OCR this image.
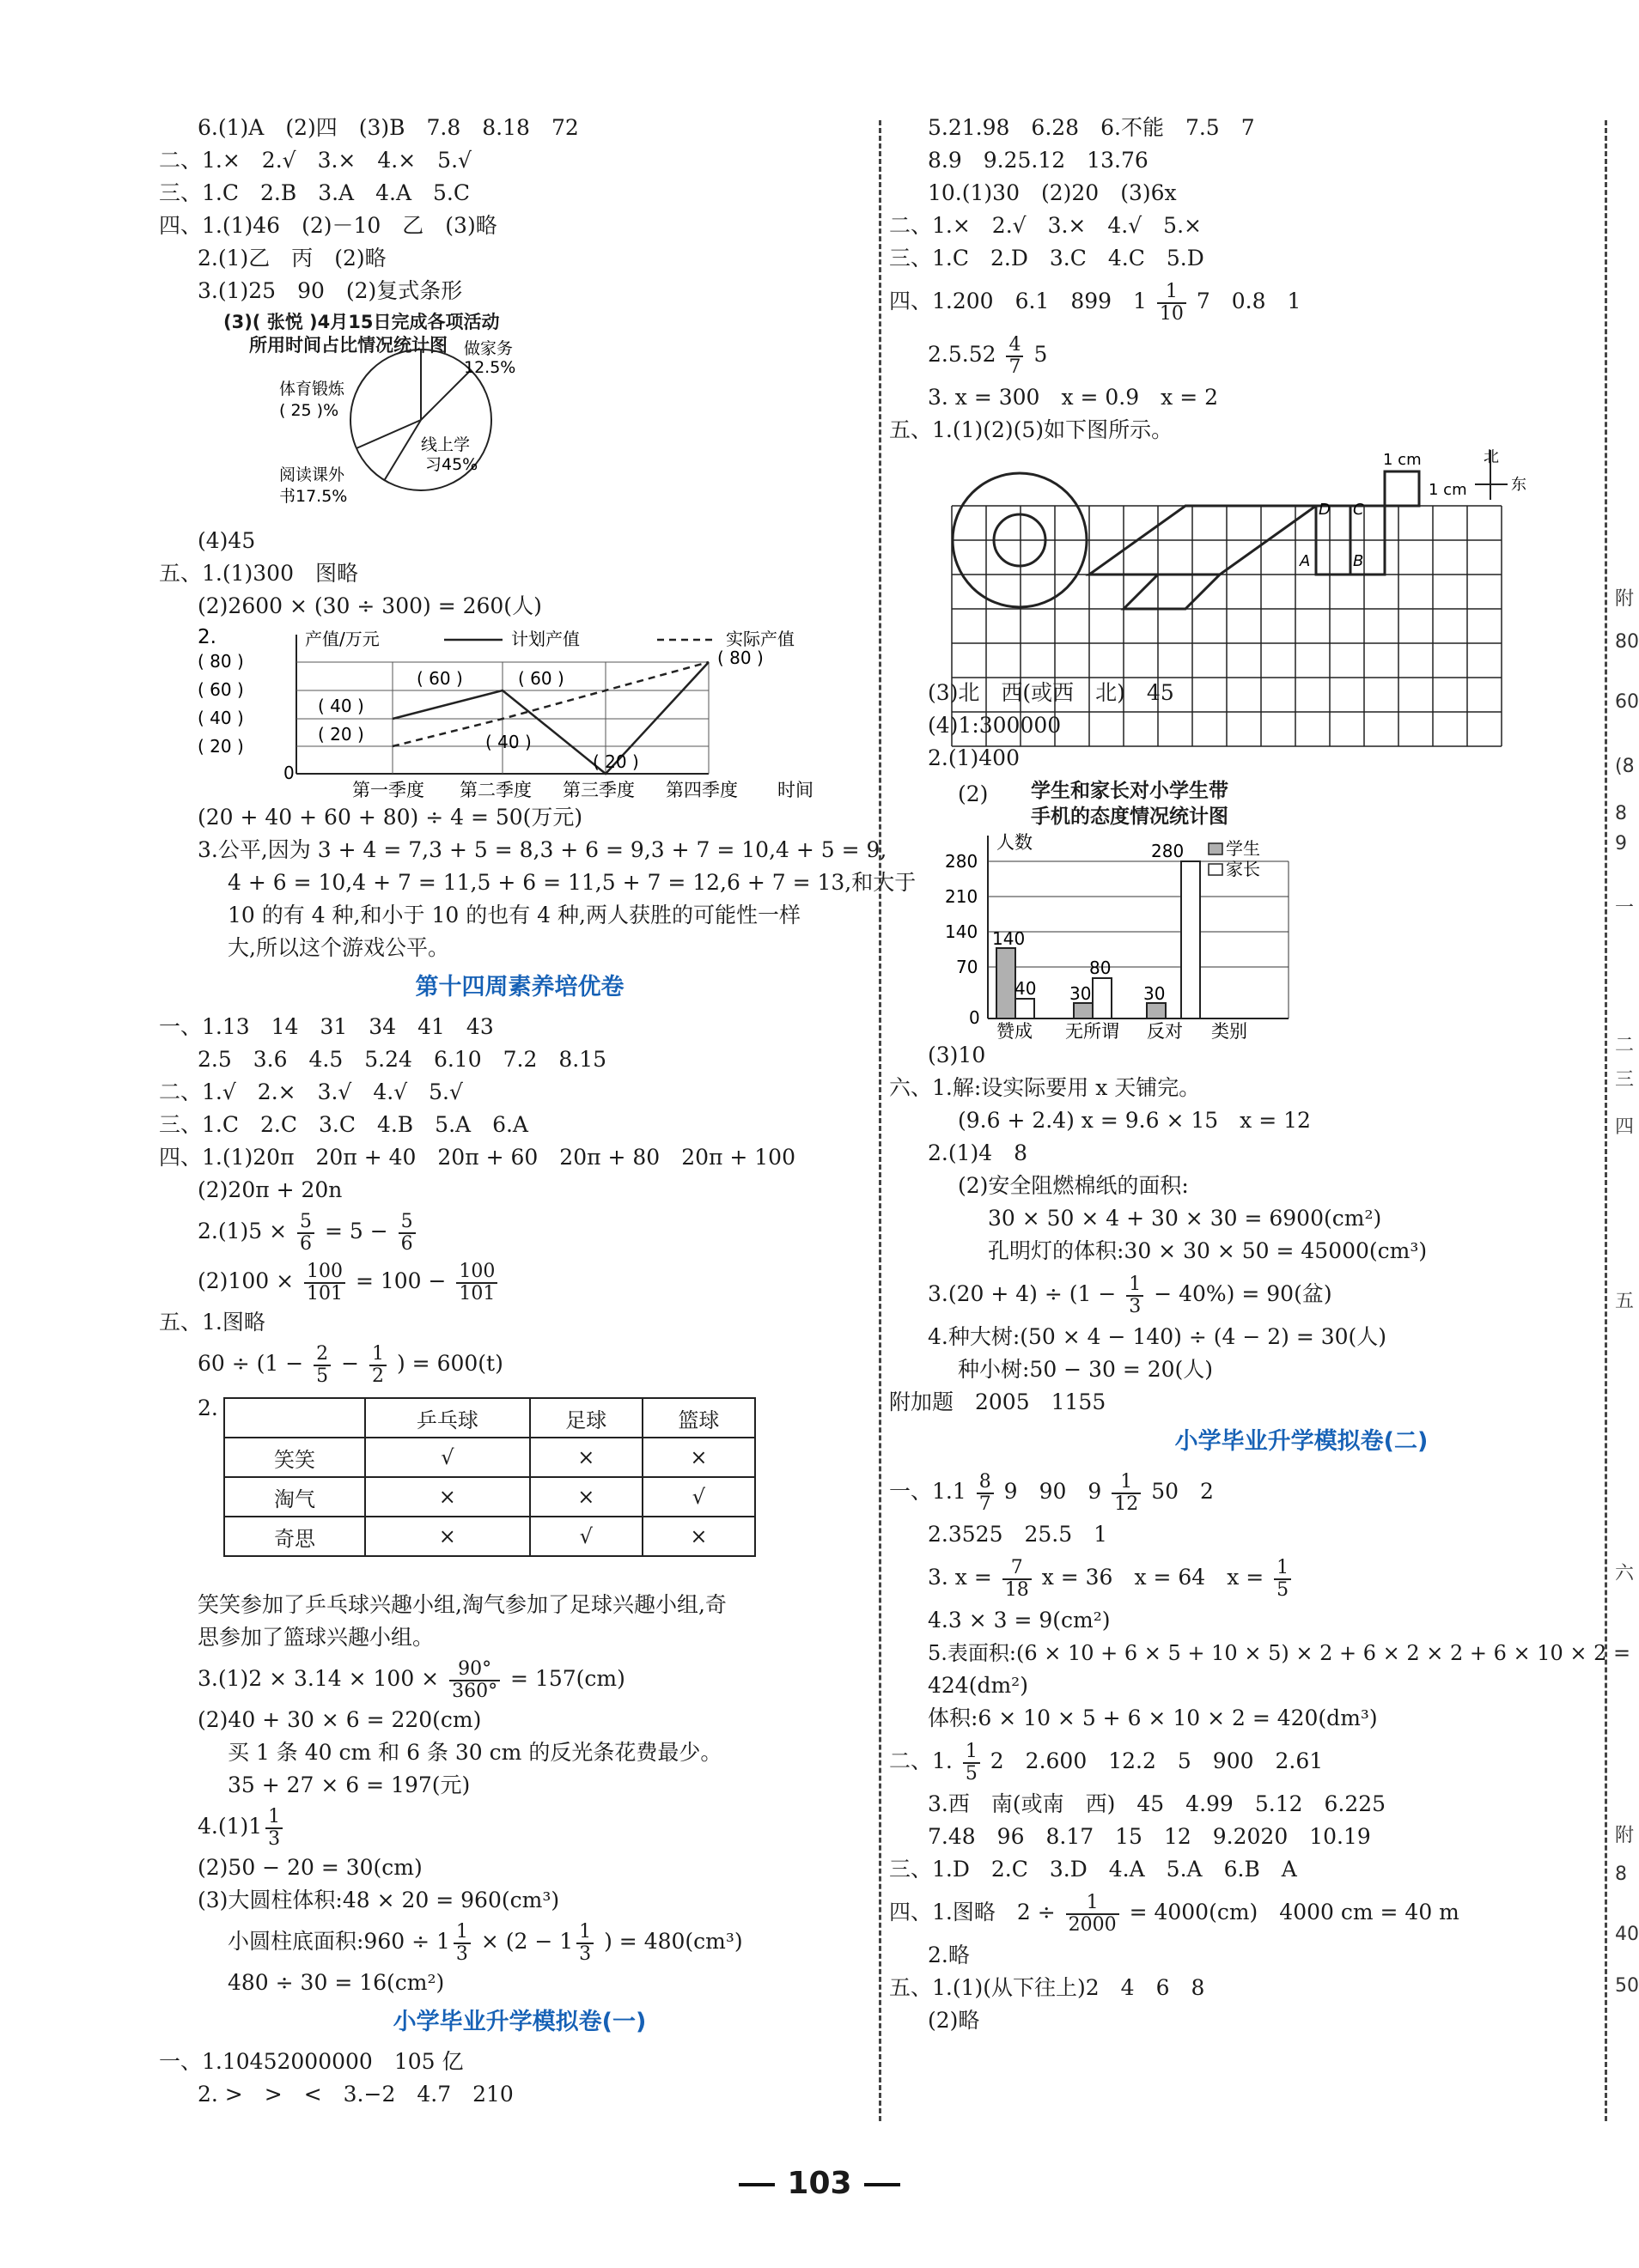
6.(1)A　(2)四　(3)B　7.8　8.18　72

二、1.×　2.√　3.×　4.×　5.√

三、1.C　2.B　3.A　4.A　5.C

四、1.(1)46　(2)－10　乙　(3)略

2.(1)乙　丙　(2)略

3.(1)25　90　(2)复式条形

(3)( 张悦 )4月15日完成各项活动
所用时间占比情况统计图	做家务
12.5%
体育锻炼
( 25 )%
线上学
习45%
阅读课外
书17.5%

(4)45

五、1.(1)300　图略

(2)2600 × (30 ÷ 300) = 260(人)

2.	产值/万元	计划产值	实际产值
( 80 )
( 60 )
( 40 )
( 20 )
0
( 40 )
( 20 )
( 60 )	( 60 )
( 80 )
( 40 )
( 20 )
第一季度 第二季度 第三季度 第四季度 时间

(20 + 40 + 60 + 80) ÷ 4 = 50(万元)

3.公平,因为 3 + 4 = 7,3 + 5 = 8,3 + 6 = 9,3 + 7 = 10,4 + 5 = 9,

4 + 6 = 10,4 + 7 = 11,5 + 6 = 11,5 + 7 = 12,6 + 7 = 13,和大于

10 的有 4 种,和小于 10 的也有 4 种,两人获胜的可能性一样

大,所以这个游戏公平。

第十四周素养培优卷

一、1.13　14　31　34　41　43

2.5　3.6　4.5　5.24　6.10　7.2　8.15

二、1.√　2.×　3.√　4.√　5.√

三、1.C　2.C　3.C　4.B　5.A　6.A

四、1.(1)20π　20π + 40　20π + 60　20π + 80　20π + 100

(2)20π + 20n

$2.(1)5 \times \frac{5}{6} = 5 - \frac{5}{6}$

$(2)100 \times \frac{100}{101} = 100 - \frac{100}{101}$

五、1.图略

$60 \div (1 - \frac{2}{5} - \frac{1}{2}$ ) = 600(t)

2.
		乒乓球	足球	篮球
笑笑	√	×	×
淘气	×	×	√
奇思	×	√	×

笑笑参加了乒乓球兴趣小组,淘气参加了足球兴趣小组,奇

思参加了篮球兴趣小组。

$3.(1)2 \times 3.14 \times 100 \times \frac{90^\circ}{360^\circ} = 157(cm)$

(2)40 + 30 × 6 = 220(cm)

买 1 条 40 cm 和 6 条 30 cm 的反光条花费最少。

35 + 27 × 6 = 197(元)

$4.(1)1 \frac{1}{3}$

(2)50 − 20 = 30(cm)

(3)大圆柱体积:48 × 20 = 960(cm³)

小圆柱底面积:960 ÷ $1 \frac{1}{3} \times (2 - 1 \frac{1}{3}$ ) = 480(cm³)

480 ÷ 30 = 16(cm²)

小学毕业升学模拟卷(一)

一、1.10452000000　105 亿

2. >　>　<　3.−2　4.7　210

5.21.98　6.28　6.不能　7.5　7

8.9　9.25.12　13.76

10.(1)30　(2)20　(3)6x

二、1.×　2.√　3.×　4.√　5.×

三、1.C　2.D　3.C　4.C　5.D

四、1.200　6.1　899　$1 \frac{1}{10} 7$　0.8　1

$2.5.52 \frac{4}{7} 5$

3. x = 300　x = 0.9　x = 2

五、1.(1)(2)(5)如下图所示。

D C
A	B
1 cm
1 cm
北
东

(3)北　西(或西　北)　45

(4)1:300000

2.(1)400

(2) 学生和家长对小学生带
手机的态度情况统计图
人数
280
210
140
70
0
140
40 30
80
30
280 学生
家长
赞成 无所谓 反对 类别

(3)10

六、1.解:设实际要用 x 天铺完。

(9.6 + 2.4) x = 9.6 × 15　x = 12

2.(1)4　8

(2)安全阻燃棉纸的面积:

30 × 50 × 4 + 30 × 30 = 6900(cm²)

孔明灯的体积:30 × 30 × 50 = 45000(cm³)

$3.(20 + 4) \div (1 - \frac{1}{3} - 40\%) = 90$(盆)

4.种大树:(50 × 4 − 140) ÷ (4 − 2) = 30(人)

种小树:50 − 30 = 20(人)

附加题　2005　1155

小学毕业升学模拟卷(二)

一、$1.1 \frac{8}{7} 9$　90　$9 \frac{1}{12} 50$　2

2.3525　25.5　1

3. $x = \frac{7}{18}$ x = 36　x = 64　$x = \frac{1}{5}$

4.3 × 3 = 9(cm²)

5.表面积:(6 × 10 + 6 × 5 + 10 × 5) × 2 + 6 × 2 × 2 + 6 × 10 × 2 =

424(dm²)

体积:6 × 10 × 5 + 6 × 10 × 2 = 420(dm³)

二、1. $\frac{1}{5} 2$　2.600　12.2　5　900　2.61

3.西　南(或南　西)　45　4.99　5.12　6.225

7.48　96　8.17　15　12　9.2020　10.19

三、1.D　2.C　3.D　4.A　5.A　6.B　A

四、1.图略　$2 \div \frac{1}{2000} = 4000(cm)$　4000 cm = 40 m

2.略

五、1.(1)(从下往上)2　4　6　8

(2)略

附
80
60
(8
8
9
一
二
三
四
五
六
附
8
40
50
103
